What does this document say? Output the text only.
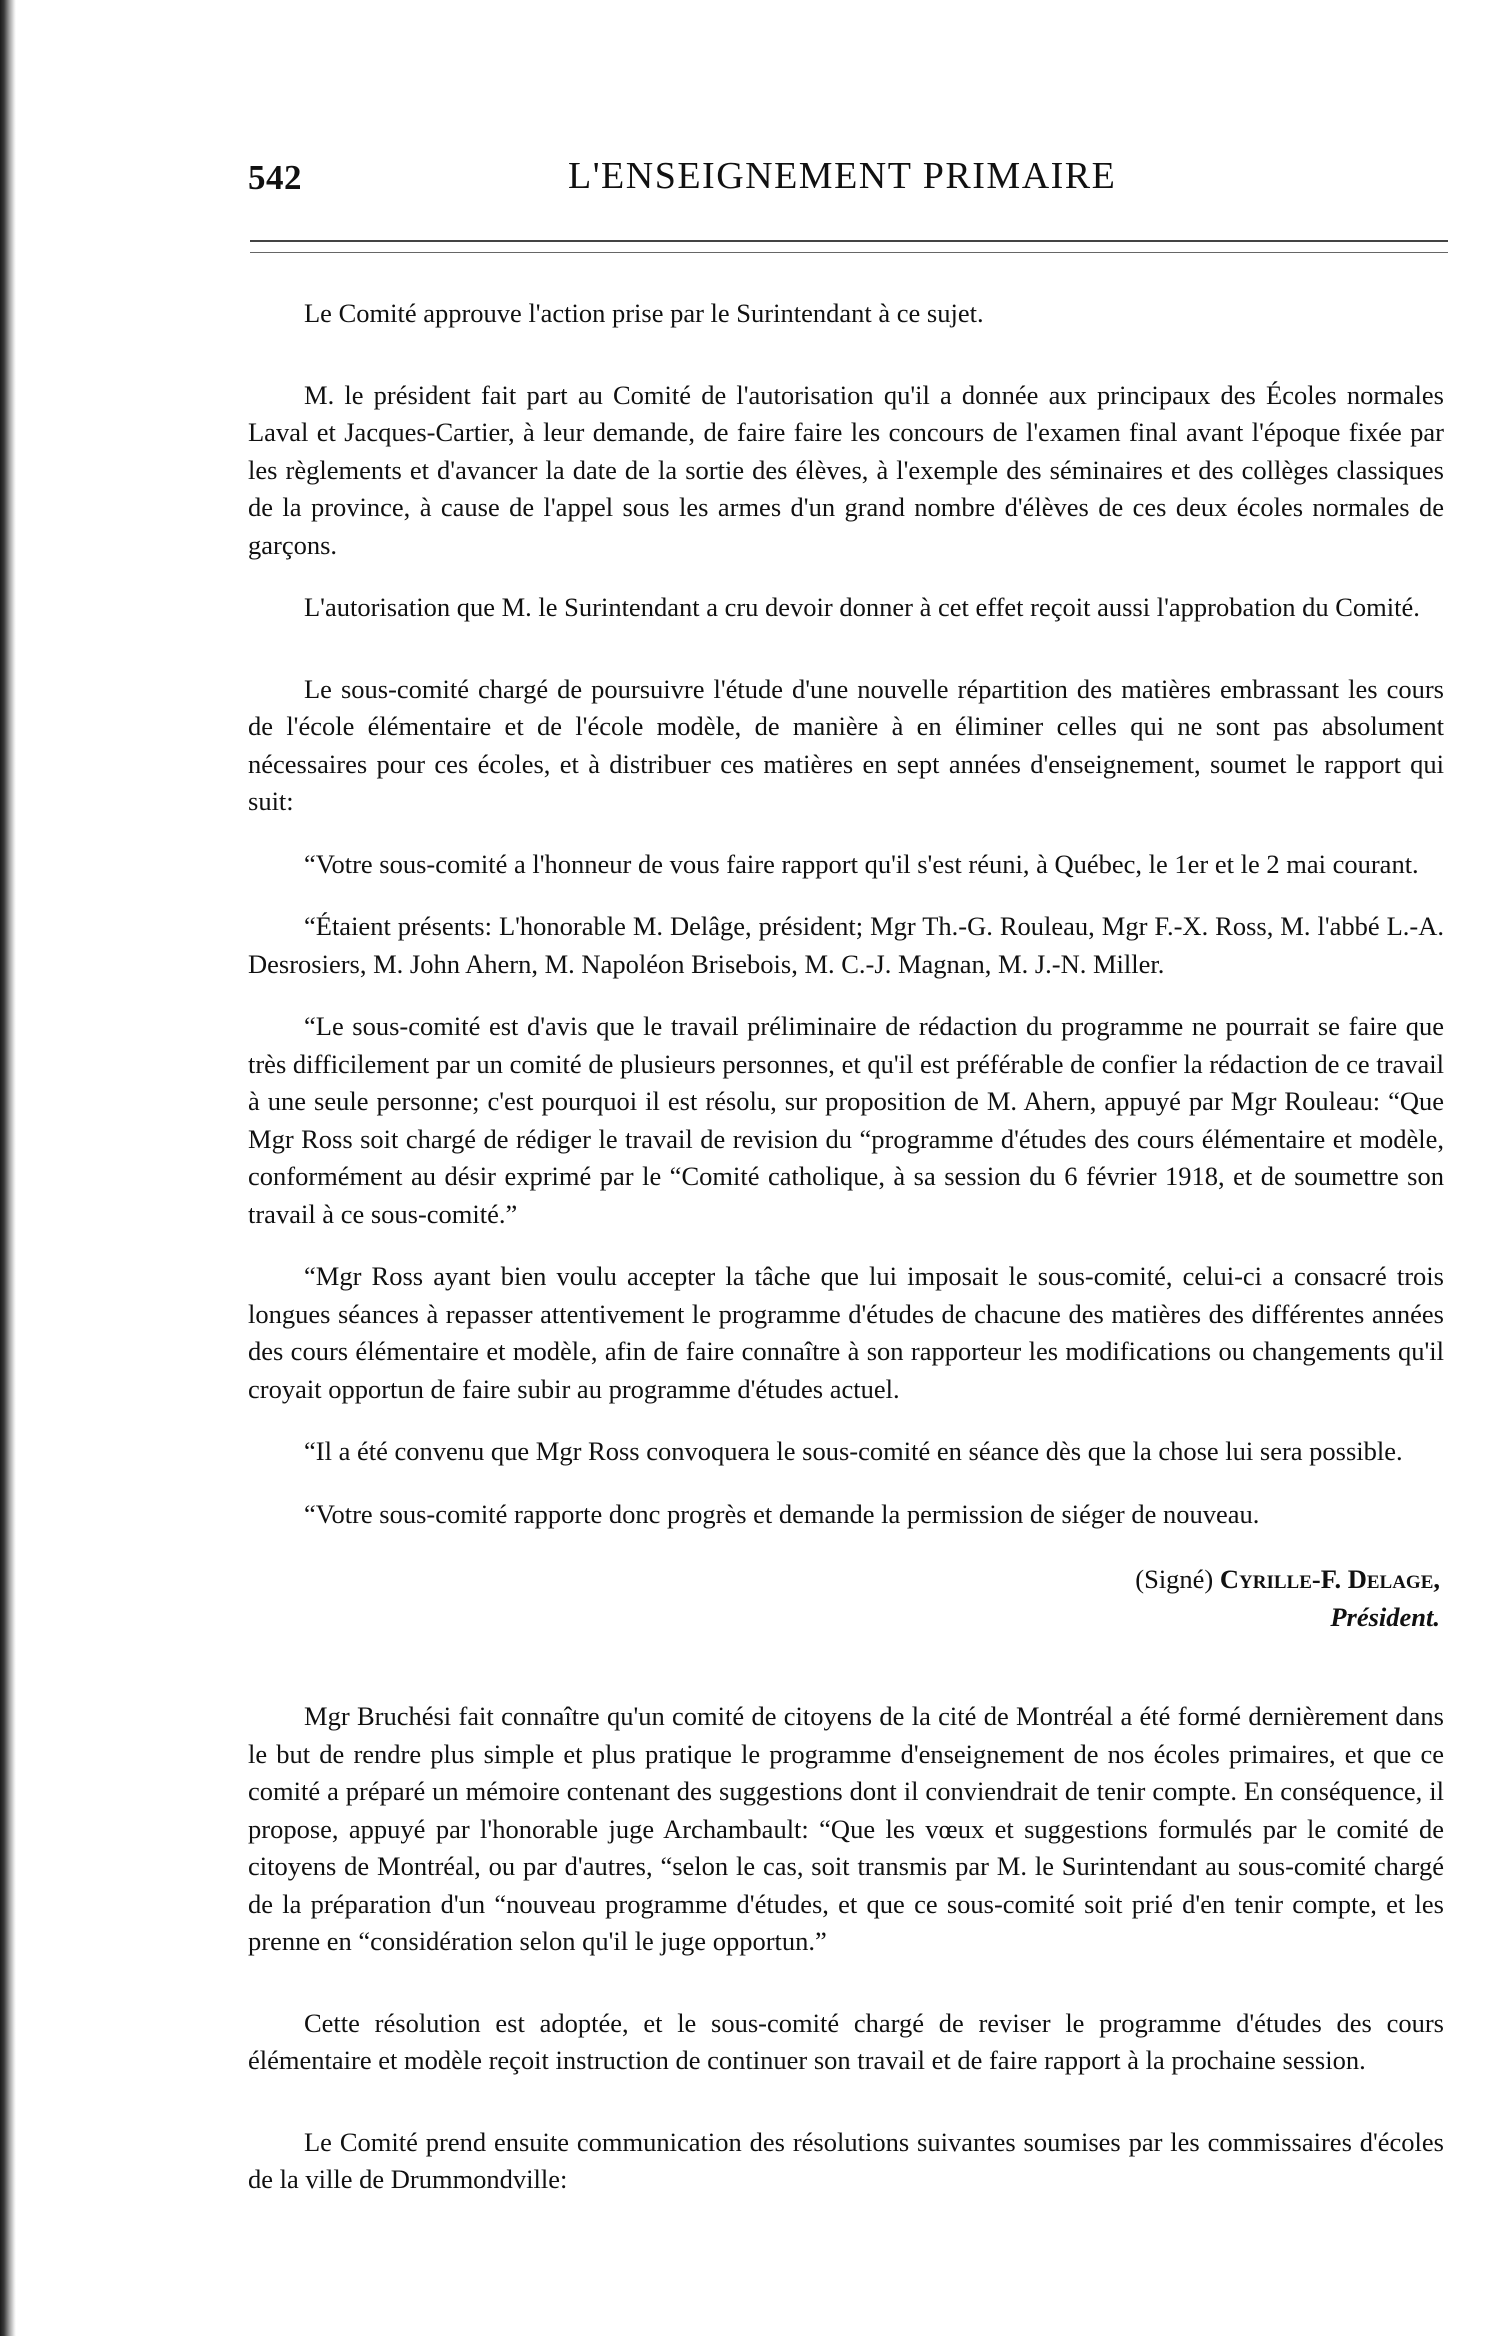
542	L'ENSEIGNEMENT PRIMAIRE

Le Comité approuve l'action prise par le Surintendant à ce sujet.

M. le président fait part au Comité de l'autorisation qu'il a donnée aux principaux des Écoles normales Laval et Jacques-Cartier, à leur demande, de faire faire les concours de l'examen final avant l'époque fixée par les règlements et d'avancer la date de la sortie des élèves, à l'exemple des séminaires et des collèges classiques de la province, à cause de l'appel sous les armes d'un grand nombre d'élèves de ces deux écoles normales de garçons.

L'autorisation que M. le Surintendant a cru devoir donner à cet effet reçoit aussi l'approbation du Comité.

Le sous-comité chargé de poursuivre l'étude d'une nouvelle répartition des matières embrassant les cours de l'école élémentaire et de l'école modèle, de manière à en éliminer celles qui ne sont pas absolument nécessaires pour ces écoles, et à distribuer ces matières en sept années d'enseignement, soumet le rapport qui suit:

“Votre sous-comité a l'honneur de vous faire rapport qu'il s'est réuni, à Québec, le 1er et le 2 mai courant.

“Étaient présents: L'honorable M. Delâge, président; Mgr Th.-G. Rouleau, Mgr F.-X. Ross, M. l'abbé L.-A. Desrosiers, M. John Ahern, M. Napoléon Brisebois, M. C.-J. Magnan, M. J.-N. Miller.

“Le sous-comité est d'avis que le travail préliminaire de rédaction du programme ne pourrait se faire que très difficilement par un comité de plusieurs personnes, et qu'il est préférable de confier la rédaction de ce travail à une seule personne; c'est pourquoi il est résolu, sur proposition de M. Ahern, appuyé par Mgr Rouleau: “Que Mgr Ross soit chargé de rédiger le travail de revision du “programme d'études des cours élémentaire et modèle, conformément au désir exprimé par le “Comité catholique, à sa session du 6 février 1918, et de soumettre son travail à ce sous-comité.”

“Mgr Ross ayant bien voulu accepter la tâche que lui imposait le sous-comité, celui-ci a consacré trois longues séances à repasser attentivement le programme d'études de chacune des matières des différentes années des cours élémentaire et modèle, afin de faire connaître à son rapporteur les modifications ou changements qu'il croyait opportun de faire subir au programme d'études actuel.

“Il a été convenu que Mgr Ross convoquera le sous-comité en séance dès que la chose lui sera possible.

“Votre sous-comité rapporte donc progrès et demande la permission de siéger de nouveau.

(Signé) Cyrille-F. Delage,
Président.

Mgr Bruchési fait connaître qu'un comité de citoyens de la cité de Montréal a été formé dernièrement dans le but de rendre plus simple et plus pratique le programme d'enseignement de nos écoles primaires, et que ce comité a préparé un mémoire contenant des suggestions dont il conviendrait de tenir compte. En conséquence, il propose, appuyé par l'honorable juge Archambault: “Que les vœux et suggestions formulés par le comité de citoyens de Montréal, ou par d'autres, “selon le cas, soit transmis par M. le Surintendant au sous-comité chargé de la préparation d'un “nouveau programme d'études, et que ce sous-comité soit prié d'en tenir compte, et les prenne en “considération selon qu'il le juge opportun.”

Cette résolution est adoptée, et le sous-comité chargé de reviser le programme d'études des cours élémentaire et modèle reçoit instruction de continuer son travail et de faire rapport à la prochaine session.

Le Comité prend ensuite communication des résolutions suivantes soumises par les commissaires d'écoles de la ville de Drummondville:
